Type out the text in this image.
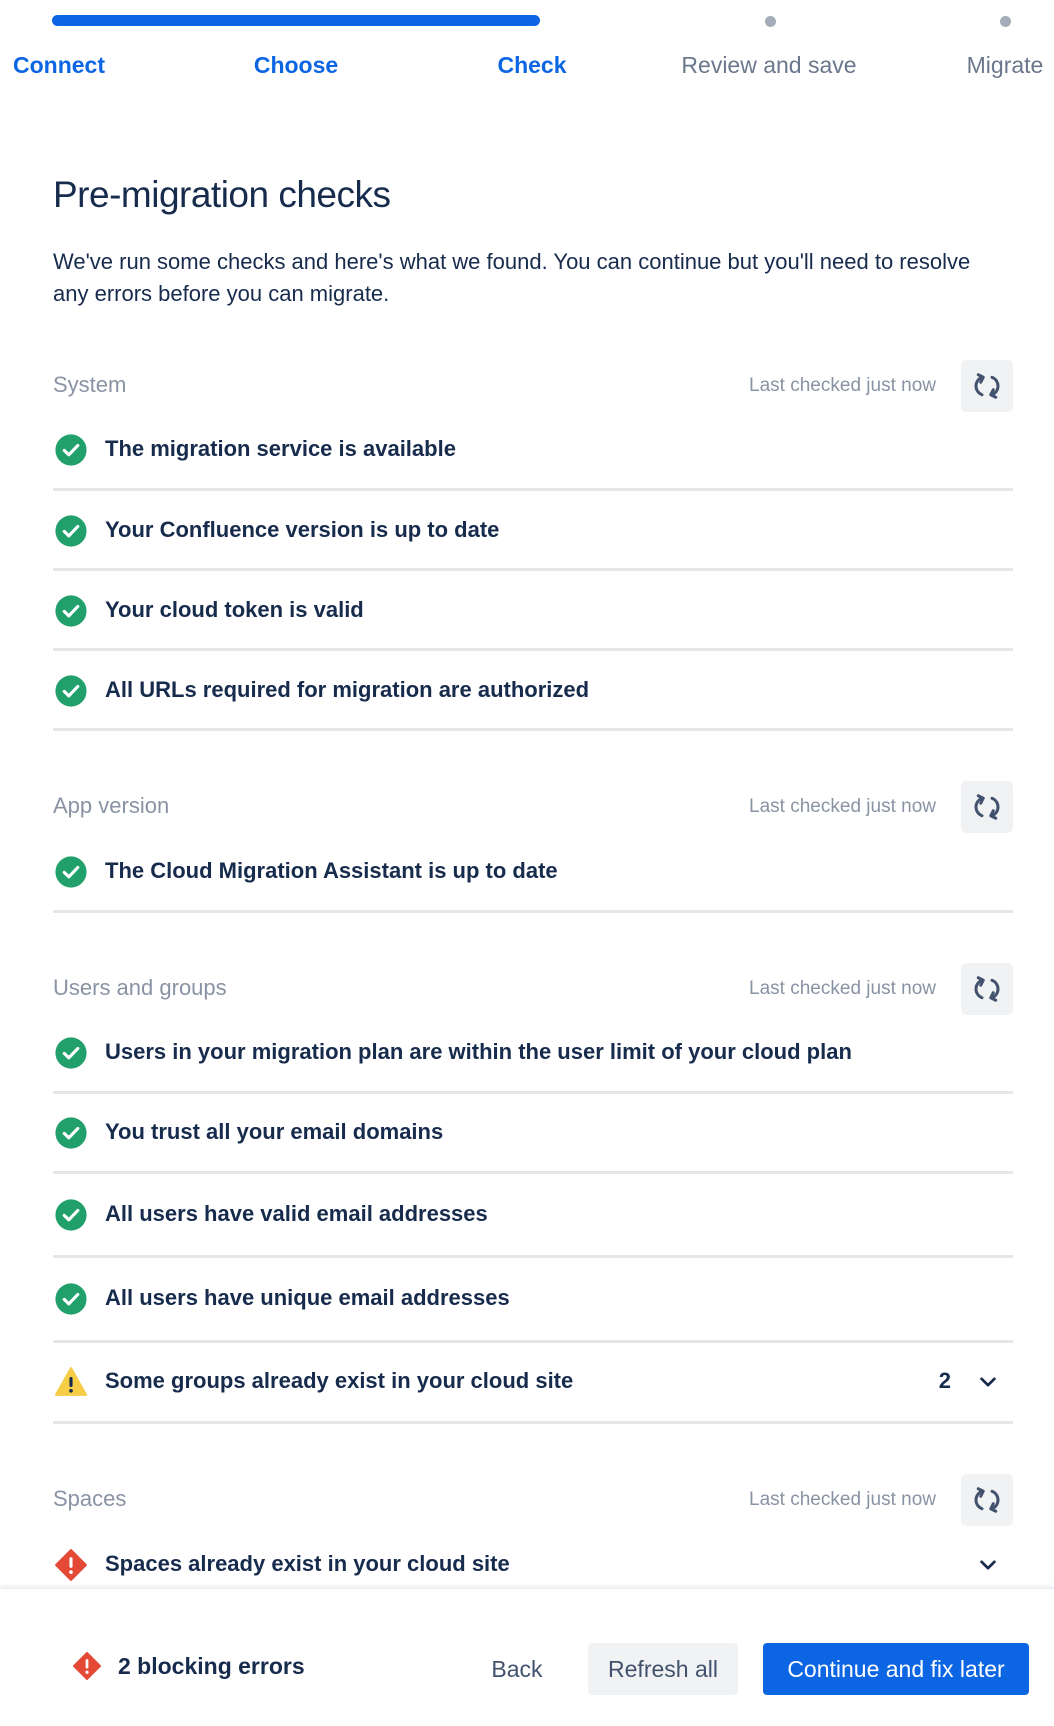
Connect	Choose	Check	Review and save	Migrate
Pre-migration checks

We've run some checks and here's what we found. You can continue but you'll need to resolve any errors before you can migrate.

System	Last checked just now
The migration service is available
Your Confluence version is up to date
Your cloud token is valid
All URLs required for migration are authorized
App version	Last checked just now
The Cloud Migration Assistant is up to date
Users and groups	Last checked just now
Users in your migration plan are within the user limit of your cloud plan
You trust all your email domains
All users have valid email addresses
All users have unique email addresses
Some groups already exist in your cloud site	2
Spaces	Last checked just now
Spaces already exist in your cloud site
2 blocking errors	Back	Refresh all	Continue and fix later
